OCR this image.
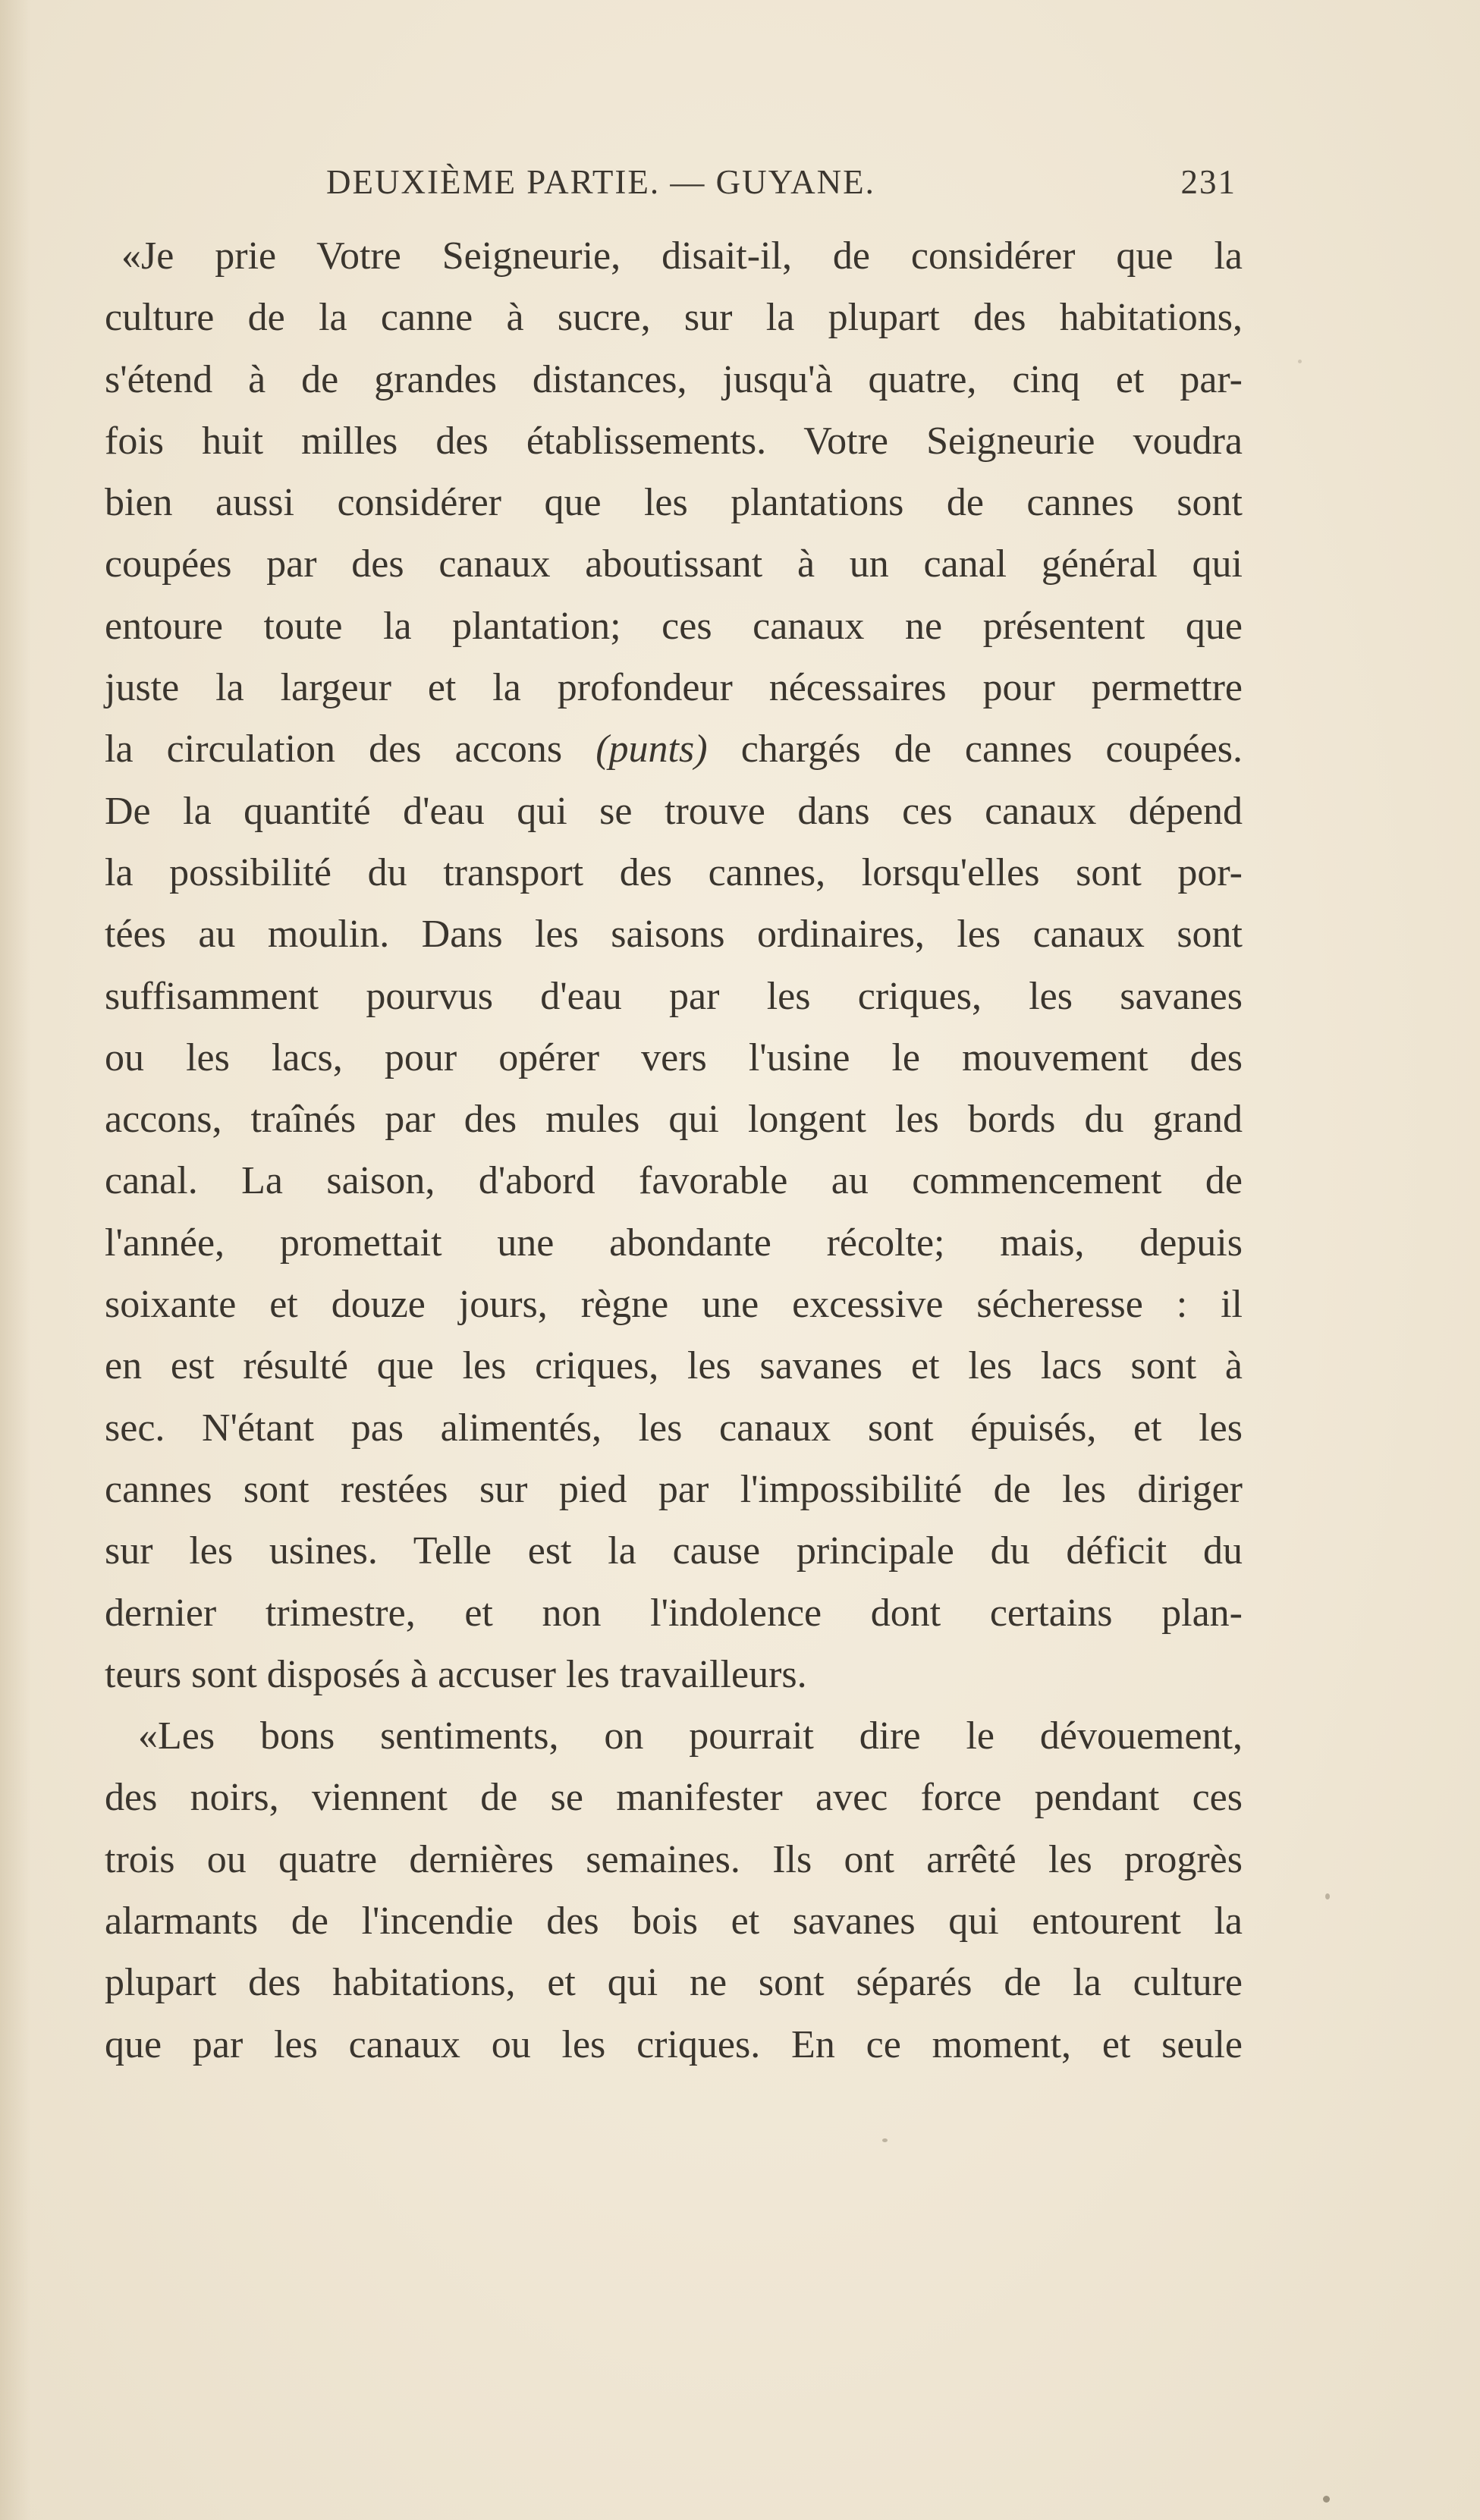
DEUXIÈME PARTIE. — GUYANE.	231
«Je prie Votre Seigneurie, disait-il, de considérer que la
culture de la canne à sucre, sur la plupart des habitations,
s'étend à de grandes distances, jusqu'à quatre, cinq et par-
fois huit milles des établissements. Votre Seigneurie voudra
bien aussi considérer que les plantations de cannes sont
coupées par des canaux aboutissant à un canal général qui
entoure toute la plantation; ces canaux ne présentent que
juste la largeur et la profondeur nécessaires pour permettre
la circulation des accons (punts) chargés de cannes coupées.
De la quantité d'eau qui se trouve dans ces canaux dépend
la possibilité du transport des cannes, lorsqu'elles sont por-
tées au moulin. Dans les saisons ordinaires, les canaux sont
suffisamment pourvus d'eau par les criques, les savanes
ou les lacs, pour opérer vers l'usine le mouvement des
accons, traînés par des mules qui longent les bords du grand
canal. La saison, d'abord favorable au commencement de
l'année, promettait une abondante récolte; mais, depuis
soixante et douze jours, règne une excessive sécheresse : il
en est résulté que les criques, les savanes et les lacs sont à
sec. N'étant pas alimentés, les canaux sont épuisés, et les
cannes sont restées sur pied par l'impossibilité de les diriger
sur les usines. Telle est la cause principale du déficit du
dernier trimestre, et non l'indolence dont certains plan-
teurs sont disposés à accuser les travailleurs.
«Les bons sentiments, on pourrait dire le dévouement,
des noirs, viennent de se manifester avec force pendant ces
trois ou quatre dernières semaines. Ils ont arrêté les progrès
alarmants de l'incendie des bois et savanes qui entourent la
plupart des habitations, et qui ne sont séparés de la culture
que par les canaux ou les criques. En ce moment, et seule
